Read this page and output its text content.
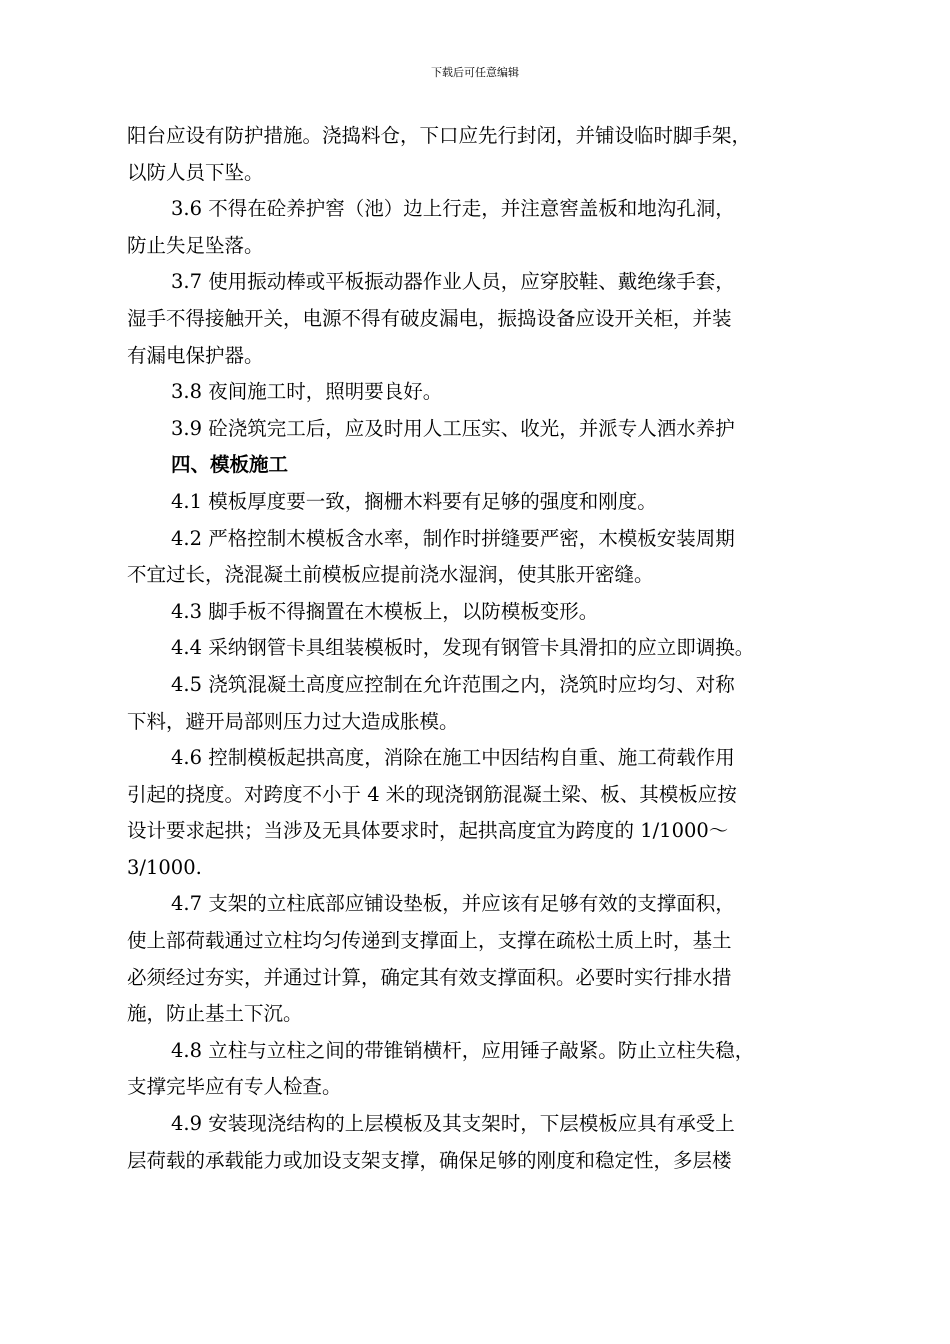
下载后可任意编辑
阳台应设有防护措施。浇捣料仓，下口应先行封闭，并铺设临时脚手架，
以防人员下坠。
3.6 不得在砼养护窖（池）边上行走，并注意窖盖板和地沟孔洞，
防止失足坠落。
3.7 使用振动棒或平板振动器作业人员，应穿胶鞋、戴绝缘手套，
湿手不得接触开关，电源不得有破皮漏电，振捣设备应设开关柜，并装
有漏电保护器。
3.8 夜间施工时，照明要良好。
3.9 砼浇筑完工后，应及时用人工压实、收光，并派专人洒水养护
四、模板施工
4.1 模板厚度要一致，搁栅木料要有足够的强度和刚度。
4.2 严格控制木模板含水率，制作时拼缝要严密，木模板安装周期
不宜过长，浇混凝土前模板应提前浇水湿润，使其胀开密缝。
4.3 脚手板不得搁置在木模板上，以防模板变形。
4.4 采纳钢管卡具组装模板时，发现有钢管卡具滑扣的应立即调换。
4.5 浇筑混凝土高度应控制在允许范围之内，浇筑时应均匀、对称
下料，避开局部则压力过大造成胀模。
4.6 控制模板起拱高度，消除在施工中因结构自重、施工荷载作用
引起的挠度。对跨度不小于 4 米的现浇钢筋混凝土梁、板、其模板应按
设计要求起拱；当涉及无具体要求时，起拱高度宜为跨度的 1/1000～
3/1000.
4.7 支架的立柱底部应铺设垫板，并应该有足够有效的支撑面积，
使上部荷载通过立柱均匀传递到支撑面上，支撑在疏松土质上时，基土
必须经过夯实，并通过计算，确定其有效支撑面积。必要时实行排水措
施，防止基土下沉。
4.8 立柱与立柱之间的带锥销横杆，应用锤子敲紧。防止立柱失稳，
支撑完毕应有专人检查。
4.9 安装现浇结构的上层模板及其支架时，下层模板应具有承受上
层荷载的承载能力或加设支架支撑，确保足够的刚度和稳定性，多层楼
